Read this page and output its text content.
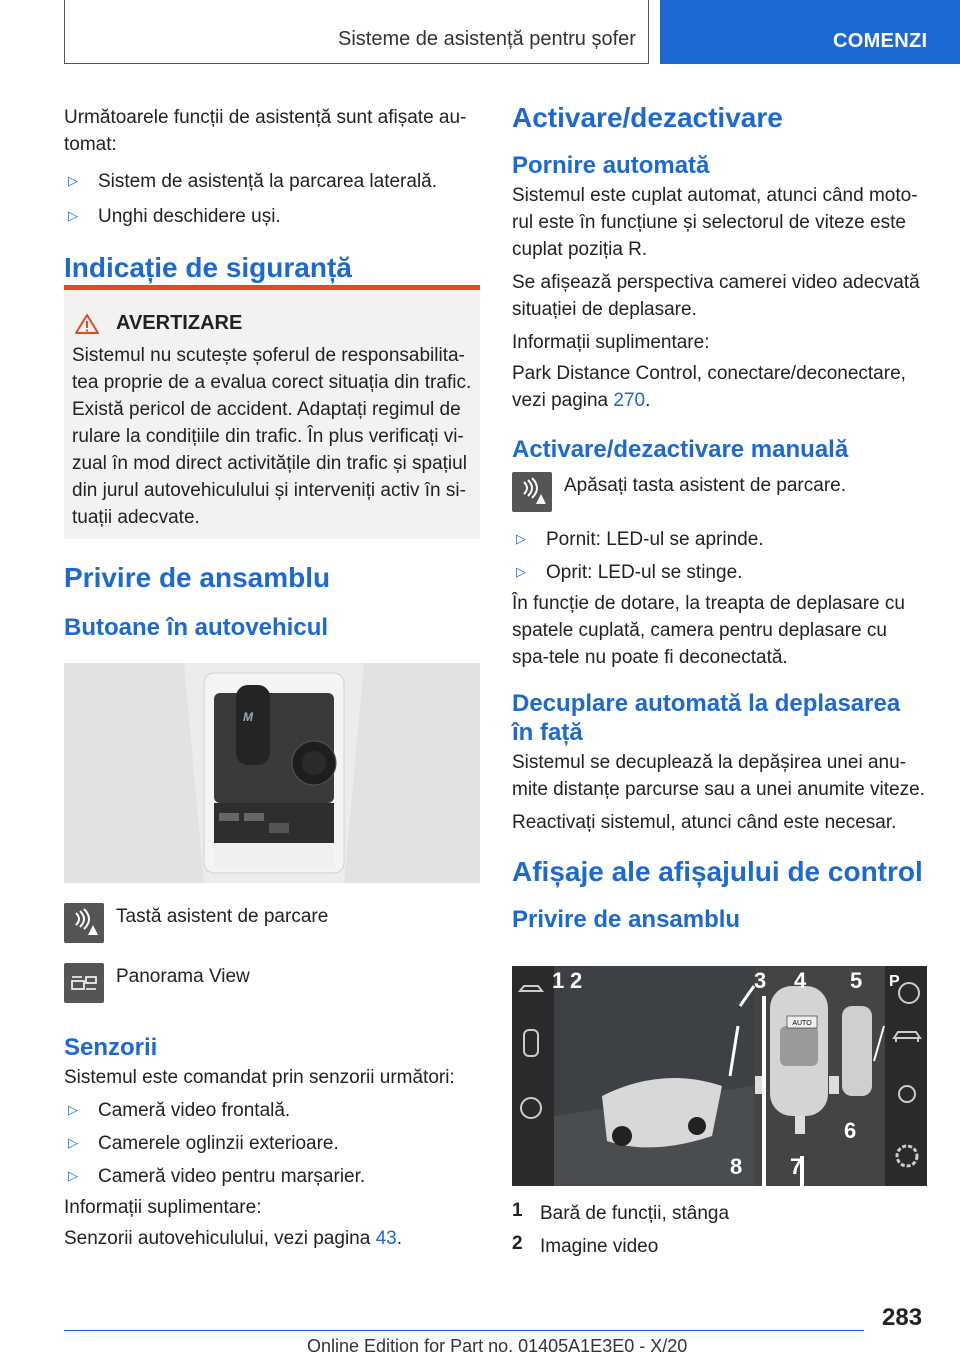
Sisteme de asistență pentru șofer	COMENZI

Următoarele funcții de asistență sunt afișate au-tomat:

▷	Sistem de asistență la parcarea laterală.

▷	Unghi deschidere uși.

Indicație de siguranță
AVERTIZARE
Sistemul nu scutește șoferul de responsabilita-tea proprie de a evalua corect situația din trafic. Există pericol de accident. Adaptați regimul de rulare la condițiile din trafic. În plus verificați vi-zual în mod direct activitățile din trafic și spațiul din jurul autovehiculului și interveniți activ în si-tuații adecvate.
Privire de ansamblu
Butoane în autovehicul
M

Tastă asistent de parcare

Panorama View

Senzorii

Sistemul este comandat prin senzorii următori:

▷	Cameră video frontală.

▷	Camerele oglinzii exterioare.

▷	Cameră video pentru marșarier.

Informații suplimentare:

Senzorii autovehiculului, vezi pagina 43.

Activare/dezactivare
Pornire automată

Sistemul este cuplat automat, atunci când moto-rul este în funcțiune și selectorul de viteze este cuplat poziția R.

Se afișează perspectiva camerei video adecvată situației de deplasare.

Informații suplimentare:

Park Distance Control, conectare/deconectare, vezi pagina 270.

Activare/dezactivare manuală

Apăsați tasta asistent de parcare.

▷	Pornit: LED-ul se aprinde.

▷	Oprit: LED-ul se stinge.

În funcție de dotare, la treapta de deplasare cu spatele cuplată, camera pentru deplasare cu spa-tele nu poate fi deconectată.

Decuplare automată la deplasarea în față

Sistemul se decuplează la depășirea unei anu-mite distanțe parcurse sau a unei anumite viteze.

Reactivați sistemul, atunci când este necesar.

Afișaje ale afișajului de control
Privire de ansamblu
AUTO
1 2	3 4 5
6
7
8
P
1 Bară de funcții, stânga

2 Imagine video

283
Online Edition for Part no. 01405A1E3E0 - X/20
